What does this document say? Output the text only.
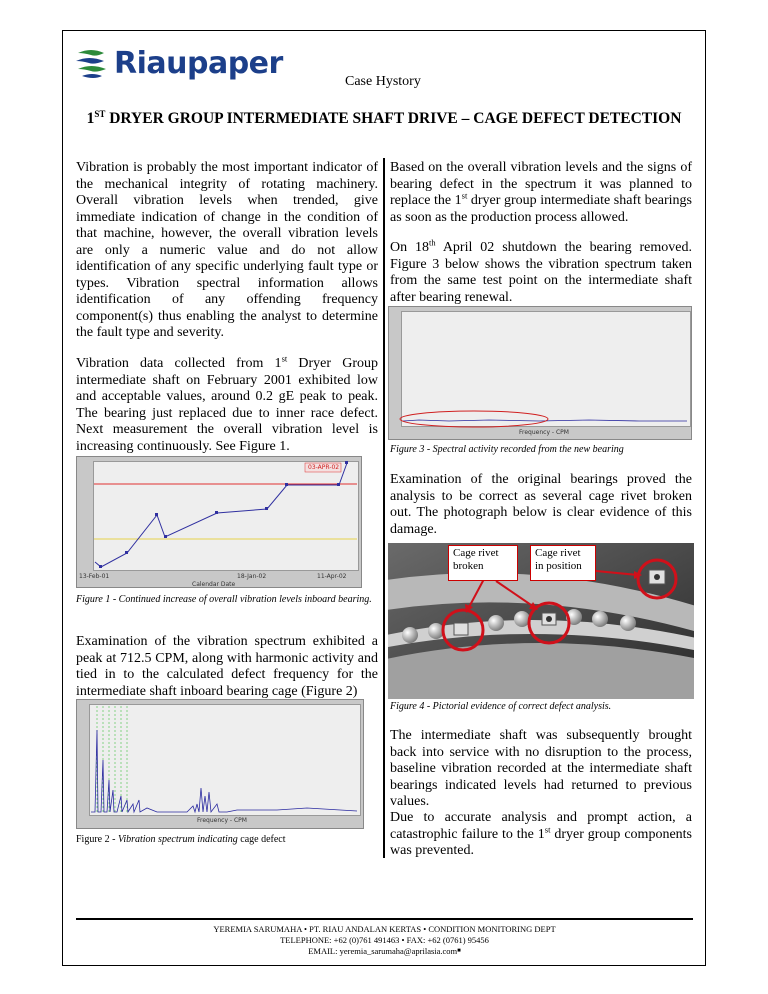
Riaupaper
Case Hystory
1ST DRYER GROUP INTERMEDIATE SHAFT DRIVE – CAGE DEFECT DETECTION

Vibration is probably the most important indicator of the mechanical integrity of rotating machinery. Overall vibration levels when trended, give immediate indication of change in the condition of that machine, however, the overall vibration levels are only a numeric value and do not allow identification of any specific underlying fault type or types. Vibration spectral information allows identification of any offending frequency component(s) thus enabling the analyst to determine the fault type and severity.

Vibration data collected from 1st Dryer Group intermediate shaft on February 2001 exhibited low and acceptable values, around 0.2 gE peak to peak. The bearing just replaced due to inner race defect. Next measurement the overall vibration level is increasing continuously. See Figure 1.

03-APR-02
13-Feb-01	18-Jan-02	11-Apr-02
Calendar Date
Figure 1 - Continued increase of overall vibration levels inboard bearing.

Examination of the vibration spectrum exhibited a peak at 712.5 CPM, along with harmonic activity and tied in to the calculated defect frequency for the intermediate shaft inboard bearing cage (Figure 2)

Frequency - CPM
Figure 2 - Vibration spectrum indicating cage defect

Based on the overall vibration levels and the signs of bearing defect in the spectrum it was planned to replace the 1st dryer group intermediate shaft bearings as soon as the production process allowed.

On 18th April 02 shutdown the bearing removed. Figure 3 below shows the vibration spectrum taken from the same test point on the intermediate shaft after bearing renewal.

Frequency - CPM
Figure 3 - Spectral activity recorded from the new bearing

Examination of the original bearings proved the analysis to be correct as several cage rivet broken out. The photograph below is clear evidence of this damage.

Cage rivet broken
Cage rivet in position
Figure 4 - Pictorial evidence of correct defect analysis.

The intermediate shaft was subsequently brought back into service with no disruption to the process, baseline vibration recorded at the intermediate shaft bearings indicated levels had returned to previous values.

Due to accurate analysis and prompt action, a catastrophic failure to the 1st dryer group components was prevented.

YEREMIA SARUMAHA • PT. RIAU ANDALAN KERTAS • CONDITION MONITORING DEPT
TELEPHONE: +62 (0)761 491463 • FAX: +62 (0761) 95456
EMAIL: yeremia_sarumaha@aprilasia.com■
